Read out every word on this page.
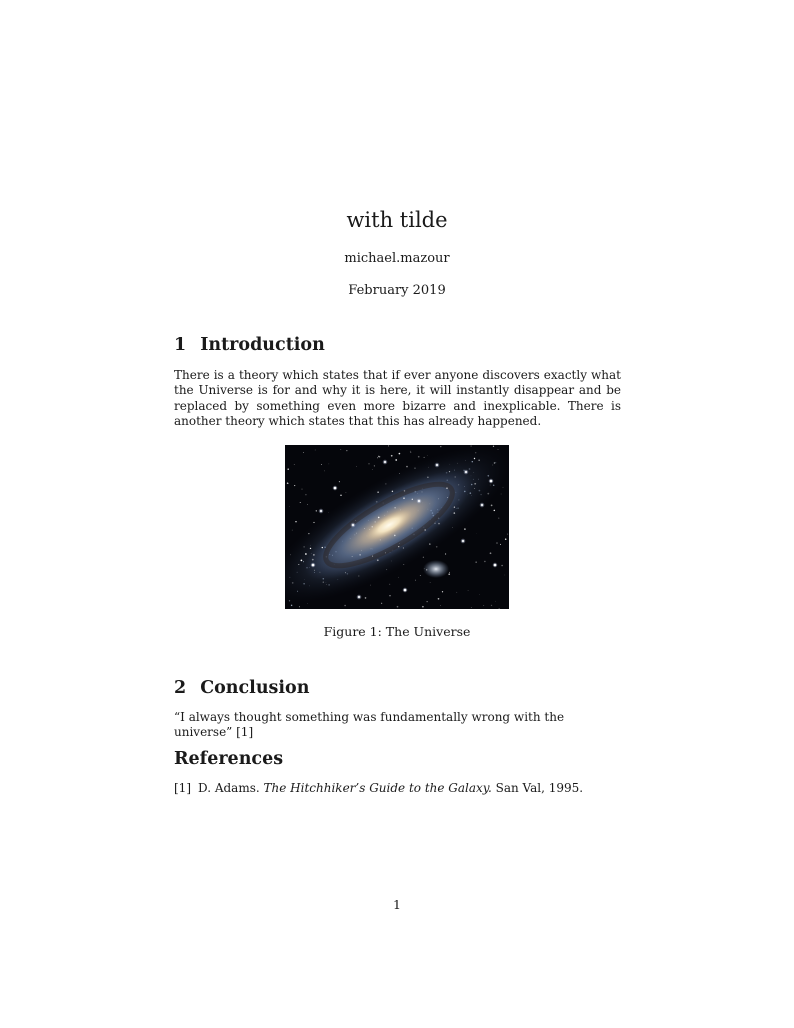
with tilde
michael.mazour
February 2019
1 Introduction
There is a theory which states that if ever anyone discovers exactly what the Universe is for and why it is here, it will instantly disappear and be replaced by something even more bizarre and inexplicable. There is another theory which states that this has already happened.
Figure 1: The Universe
2 Conclusion
“I always thought something was fundamentally wrong with the universe” [1]
References
[1] D. Adams. The Hitchhiker’s Guide to the Galaxy. San Val, 1995.
1
